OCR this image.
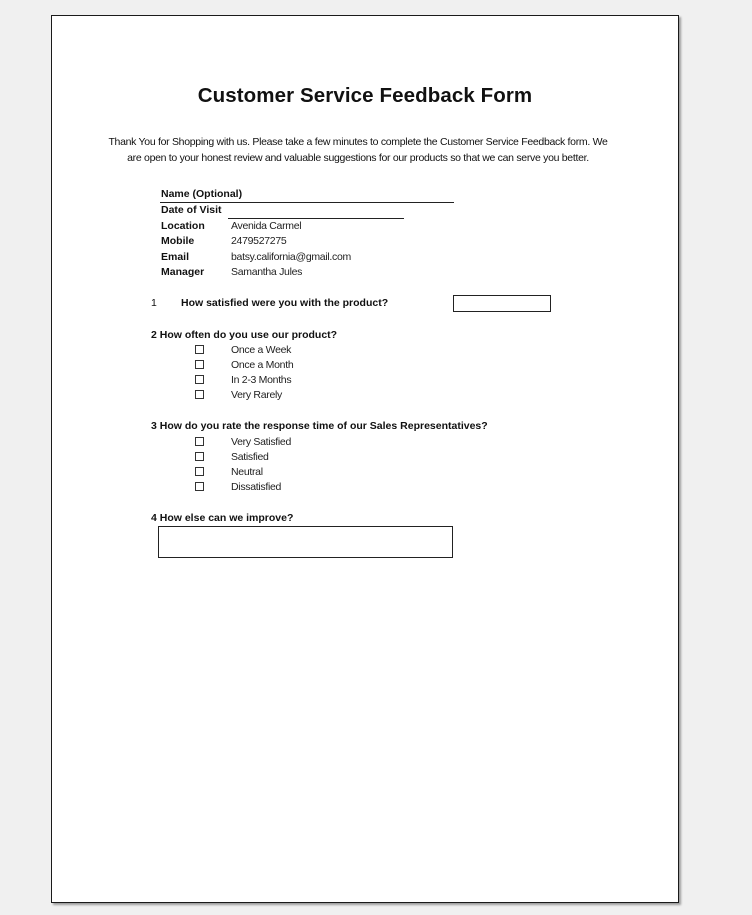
Customer Service Feedback Form
Thank You for Shopping with us. Please take a few minutes to complete the Customer Service Feedback form. We are open to your honest review and valuable suggestions for our products so that we can serve you better.
Name (Optional)
Date of Visit
Location	Avenida Carmel
Mobile	2479527275
Email	batsy.california@gmail.com
Manager	Samantha Jules
1 How satisfied were you with the product?
2 How often do you use our product?
Once a Week
Once a Month
In 2-3 Months
Very Rarely
3 How do you rate the response time of our Sales Representatives?
Very Satisfied
Satisfied
Neutral
Dissatisfied
4 How else can we improve?
